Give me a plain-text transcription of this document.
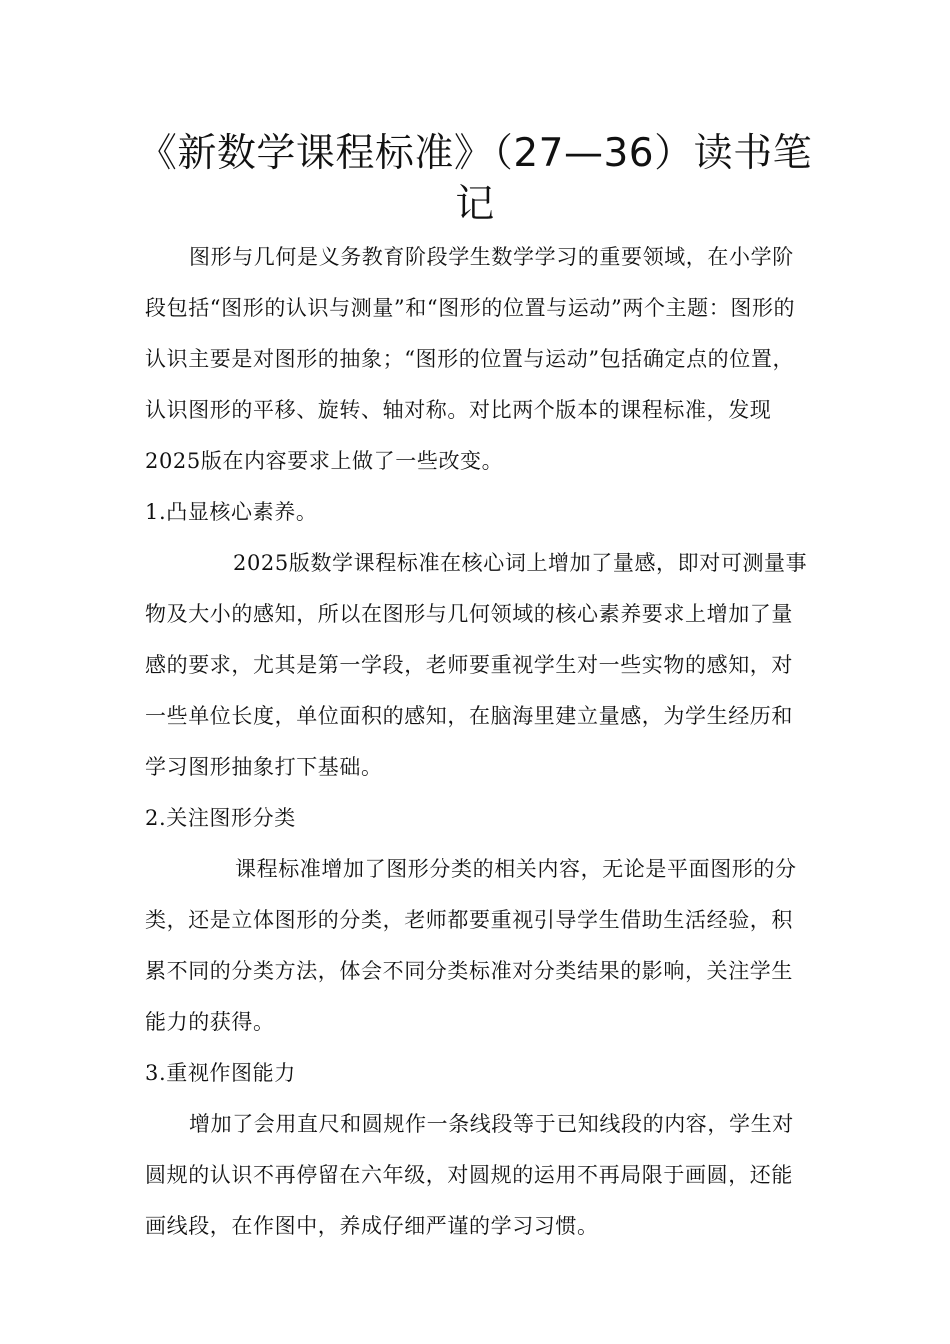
《新数学课程标准》（27—36）读书笔记

图形与几何是义务教育阶段学生数学学习的重要领域，在小学阶段包括“图形的认识与测量”和“图形的位置与运动”两个主题：图形的认识主要是对图形的抽象；“图形的位置与运动”包括确定点的位置，认识图形的平移、旋转、轴对称。对比两个版本的课程标准，发现2025版在内容要求上做了一些改变。

1.凸显核心素养。

2025版数学课程标准在核心词上增加了量感，即对可测量事物及大小的感知，所以在图形与几何领域的核心素养要求上增加了量感的要求，尤其是第一学段，老师要重视学生对一些实物的感知，对一些单位长度，单位面积的感知，在脑海里建立量感，为学生经历和学习图形抽象打下基础。

2.关注图形分类

课程标准增加了图形分类的相关内容，无论是平面图形的分类，还是立体图形的分类，老师都要重视引导学生借助生活经验，积累不同的分类方法，体会不同分类标准对分类结果的影响，关注学生能力的获得。

3.重视作图能力

增加了会用直尺和圆规作一条线段等于已知线段的内容，学生对圆规的认识不再停留在六年级，对圆规的运用不再局限于画圆，还能画线段，在作图中，养成仔细严谨的学习习惯。
